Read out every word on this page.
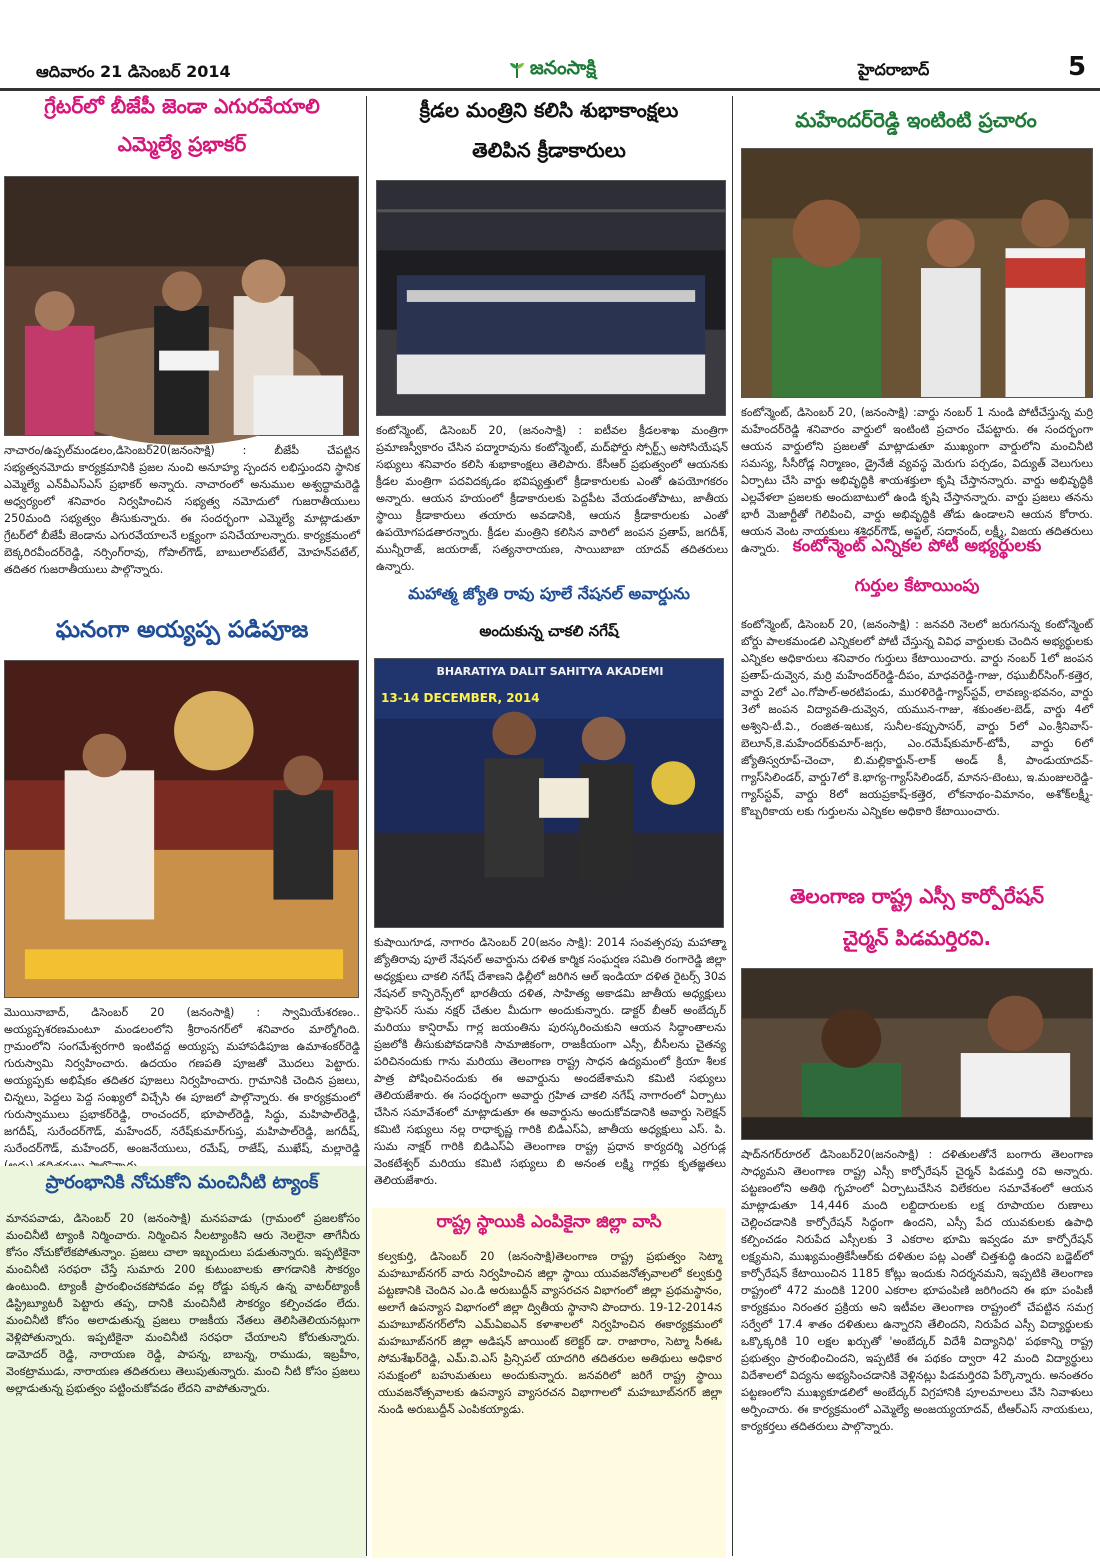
ఆదివారం 21 డిసెంబర్ 2014	జనంసాక్షి	హైదరాబాద్	5
గ్రేటర్‌లో బీజేపీ జెండా ఎగురవేయాలి
ఎమ్మెల్యే ప్రభాకర్
నాచారం/ఉప్పల్‌మండలం,డిసెంబర్20(జనంసాక్షి) : బీజేపీ చేపట్టిన సభ్యత్వనమోదు కార్యక్రమానికి ప్రజల నుంచి అనూహ్య స్పందన లభిస్తుందని స్థానిక ఎమ్మెల్యే ఎన్‌వీఎస్‌ఎస్ ప్రభాకర్ అన్నారు. నాచారంలో అనుముల అశ్వద్ధామరెడ్డి అధ్వర్యంలో శనివారం నిర్వహించిన సభ్యత్వ నమోదులో గుజరాతీయులు 250మంది సభ్యత్వం తీసుకున్నారు. ఈ సందర్భంగా ఎమ్మెల్యే మాట్లాడుతూ గ్రేటర్‌లో బీజేపీ జెండాను ఎగురవేయాలనే లక్ష్యంగా పనిచేయాలన్నారు. కార్యక్రమంలో బెక్కరిరవీందర్‌రెడ్డి, నర్సింగ్‌రావు, గోపాల్‌గౌడ్, బాబులాల్‌పటేల్, మోహన్‌పటేల్, తదితర గుజరాతీయులు పాల్గొన్నారు.
ఘనంగా అయ్యప్ప పడిపూజ
మొయినాబాద్, డిసెంబర్ 20 (జనంసాక్షి) : స్వామియేశరణం.. అయ్యప్పశరణమంటూ మండలంలోని శ్రీరాంనగర్‌లో శనివారం మార్మోగింది. గ్రామంలోని సంగమేశ్వరగారి ఇంటివద్ద అయ్యప్ప మహాపడిపూజ ఉమాశంకర్‌రెడ్డి గురుస్వామి నిర్వహించారు. ఉదయం గణపతి పూజతో మొదలు పెట్టారు. అయ్యప్పకు అభిషేకం తదితర పూజలు నిర్వహించారు. గ్రామానికి చెందిన ప్రజలు, చిన్నలు, పెద్దలు పెద్ద సంఖ్యలో విచ్చేసి ఈ పూజలో పాల్గొన్నారు. ఈ కార్యక్రమంలో గురుస్వాములు ప్రభాకర్‌రెడ్డి, రాంచందర్, భూపాల్‌రెడ్డి, సిద్ధు, మహిపాల్‌రెడ్డి, జగదీష్, సురేందర్‌గౌడ్, మహేందర్, నరేష్‌కుమార్‌గుప్త, మహిపాల్‌రెడ్డి, జగదీష్, సురేందర్‌గౌడ్, మహేందర్, అంజనేయులు, రమేష్, రాజేష్, ముఖేష్, మల్లారెడ్డి
ప్రారంభానికి నోచుకోని మంచినీటి ట్యాంక్
మానపవాడు, డిసెంబర్ 20 (జనంసాక్షి) మనపవాడు (గ్రామంలో ప్రజలకోసం మంచినీటి ట్యాంకి నిర్మించారు. నిర్మించిన నీలట్యాంకిని ఆరు నెలలైనా తాగేనీరు కోసం నోచుకోలేకపోతున్నాం. ప్రజలు చాలా ఇబ్బందులు పడుతున్నారు. ఇప్పటికైనా మంచినీటి సరఫరా చేస్తే సుమారు 200 కుటుంబాలకు తాగడానికి సౌకర్యం ఉంటుంది. ట్యాంకీ ప్రారంభించకపోవడం వల్ల రోడ్డు పక్కన ఉన్న వాటర్‌ట్యాంకీ డిస్ట్రిబ్యూటరీ పెట్టారు తప్ప, దానికి మంచినీటి సౌకర్యం కల్పించడం లేదు. మంచినీటి కోసం అలాడుతున్న ప్రజలు రాజకీయ నేతలు తెలిసితెలియనట్లుగా వెళ్లిపోతున్నారు. ఇప్పటికైనా మంచినీటి సరఫరా చేయాలని కోరుతున్నారు. డామోదర్ రెడ్డి, నారాయణ రెడ్డి, పాపన్న, బాబన్న, రాముడు, ఇబ్రహీం, వెంకట్రాముడు, నారాయణ తదితరులు తెలుపుతున్నారు. మంచి నీటి కోసం ప్రజలు అల్లాడుతున్న ప్రభుత్వం పట్టించుకోవడం లేదని వాపోతున్నారు.
క్రీడల మంత్రిని కలిసి శుభాకాంక్షలు
తెలిపిన క్రీడాకారులు
కంటోన్మెంట్, డిసెంబర్ 20, (జనంసాక్షి) : ఐటీవల క్రీడలశాఖ మంత్రిగా ప్రమాణస్వీకారం చేసిన పద్మారావును కంటోన్మెంట్, మద్‌ఫోర్డు స్పోర్ట్స్ అసోసియేషన్ సభ్యులు శనివారం కలిసి శుభాకాంక్షలు తెలిపారు. కేసీఆర్ ప్రభుత్వంలో ఆయనకు క్రీడల మంత్రిగా పదవిదక్కడం భవిష్యత్తులో క్రీడాకారులకు ఎంతో ఉపయోగకరం అన్నారు. ఆయన హయంలో క్రీడాకారులకు పెద్దపీట వేయడంతోపాటు, జాతీయ స్థాయి క్రీడాకారులు తయారు అవడానికి, ఆయన క్రీడాకారులకు ఎంతో ఉపయోగపడతారన్నారు. క్రీడల మంత్రిని కలిసిన వారిలో జంపన ప్రతాప్, జగదీశ్, మున్నీరాజ్, జయరాజ్, సత్యనారాయణ, సాయిబాబా యాదవ్ తదితరులు ఉన్నారు.
మహాత్మ జ్యోతి రావు పూలే నేషనల్ అవార్డును
అందుకున్న చాకలి నగేష్
BHARATIYA DALIT SAHITYA AKADEMI
13-14 DECEMBER, 2014
కుషాయిగూడ, నాగారం డిసెంబర్ 20(జనం సాక్షి): 2014 సంవత్సరపు మహాత్మా జ్యోతిరావు పూలే నేషనల్ అవార్డును దళిత కార్మిక సంఘర్షణ సమితి రంగారెడ్డి జిల్లా అధ్యక్షులు చాకలి నగేష్ దేశాణని ఢిల్లీలో జరిగిన ఆల్ ఇండియా దళిత రైటర్స్ 30వ నేషనల్ కాన్ఫిరెన్స్‌లో భారతీయ దళిత, సాహిత్య అకాడమి జాతీయ అధ్యక్షులు ప్రొఫెసర్ సుమ నక్షర్ చేతుల మీదుగా అందుకున్నారు. డాక్టర్ బీఆర్ అంబేద్కర్ మరియు కాన్షిరామ్ గార్ల జయంతిను పురస్కరించుకుని ఆయన సిద్ధాంతాలను ప్రజలోకి తీసుకుపోవడానికి సామాజికంగా, రాజకీయంగా ఎస్సీ, బీసీలను చైతన్య పరిచినందుకు గాను మరియు తెలంగాణ రాష్ట్ర సాధన ఉద్యమంలో క్రియా శీలక పాత్ర పోషించినందుకు ఈ అవార్డును అందజేశామని కమిటి సభ్యులు తెలియజేశారు. ఈ సంధర్భంగా అవార్డు గ్రహిత చాకలి నగేష్ నాగారంలో ఏర్పాటు చేసిన సమావేశంలో మాట్లాడుతూ ఈ అవార్డును అందుకోవడానికి అవార్డు సెలెక్షన్ కమిటి సభ్యులు నల్ల రాధాకృష్ణ గారికి బిడిఎస్ఏ, జాతీయ అధ్యక్షులు ఎస్. పి. సుమ నాక్షర్ గారికి బిడిఎస్ఏ తెలంగాణ రాష్ట్ర ప్రధాన కార్యదర్శి ఎర్రగుడ్ల వెంకటేశ్వర్ మరియు కమిటి సభ్యులు బి అనంత లక్ష్మి గార్లకు కృతజ్ఞతలు తెలియజేశారు.
రాష్ట్ర స్థాయికి ఎంపికైనా జిల్లా వాసి
కల్వకుర్తి, డిసెంబర్ 20 (జనంసాక్షి)తెలంగాణ రాష్ట్ర ప్రభుత్వం సెట్మా మహబూబ్‌నగర్ వారు నిర్వహించిన జిల్లా స్థాయి యువజనోత్సవాలలో కల్వకుర్తి పట్టణానికి చెందిన ఎం.డి అరుబుద్దీన్ వ్యాసరచన విభాగంలో జిల్లా ప్రథమస్థానం, అలాగే ఉపన్యాస విభాగంలో జిల్లా ద్వితీయ స్థానాని పొందారు. 19-12-2014న మహబూబ్‌నగర్‌లోని ఎమ్ఏఐఎన్ కళాశాలలో నిర్వహించిన ఈకార్యక్రమంలో మహబూబ్‌నగర్ జిల్లా అడిషన్ జాయింట్ కలెక్టర్ డా. రాజారాం, సెట్మా సీఈఓ సోమశేఖర్‌రెడ్డి, ఎమ్.వి.ఎస్ ప్రిన్సిపల్ యాదగిరి తదితరుల అతిథులు అధికార సమక్షంలో బహుమతులు అందుకున్నారు. జనవరిలో జరిగే రాష్ట్ర స్థాయి యువజనోత్సవాలకు ఉపన్యాస వ్యాసరచన విభాగాలలో మహబూబ్‌నగర్ జిల్లా నుండి అరుబుద్దీన్ ఎంపికయ్యాడు.
మహేందర్‌రెడ్డి ఇంటింటి ప్రచారం
కంటోన్మెంట్, డిసెంబర్ 20, (జనంసాక్షి) :వార్డు నంబర్ 1 నుండి పోటీచేస్తున్న మర్రి మహేందర్‌రెడ్డి శనివారం వార్డులో ఇంటింటి ప్రచారం చేపట్టారు. ఈ సందర్భంగా ఆయన వార్డులోని ప్రజలతో మాట్లాడుతూ ముఖ్యంగా వార్డులోని మంచినీటి సమస్య, సీసీరోడ్ల నిర్మాణం, డ్రైనేజీ వ్యవస్థ మెరుగు పర్చడం, విద్యుత్ వెలుగులు ఏర్పాటు చేసి వార్డు అభివృద్ధికి శాయశక్తులా కృషి చేస్తానన్నారు. వార్డు అభివృద్ధికి ఎల్లవేళలా ప్రజలకు అందుబాటులో ఉండి కృషి చేస్తానన్నారు. వార్డు ప్రజలు తనను భారీ మెజార్టీతో గెలిపించి, వార్డు అభివృద్ధికి తోడు ఉండాలని ఆయన కోరారు. ఆయన వెంట నాయకులు శశిధర్‌గౌడ్, అప్జల్, సదానంద్, లక్ష్మీ, విజయ తదితరులు ఉన్నారు. కంటోన్మెంట్ ఎన్నికల పోటీ అభ్యర్థులకు
గుర్తుల కేటాయింపు
కంటోన్మెంట్, డిసెంబర్ 20, (జనంసాక్షి) : జనవరి నెలలో జరుగనున్న కంటోన్మెంట్ బోర్డు పాలకమండలి ఎన్నికలలో పోటీ చేస్తున్న వివిధ వార్డులకు చెందిన అభ్యర్థులకు ఎన్నికల అధికారులు శనివారం గుర్తులు కేటాయించారు. వార్డు నంబర్ 1లో జంపన ప్రతాప్-దువ్వెన, మర్రి మహేందర్‌రెడ్డి-దీపం, మాధవరెడ్డి-గాజు, రఘుబీర్‌సింగ్-కత్తెర, వార్డు 2లో ఎం.గోపాల్-అరటిపండు, మురళిరెడ్డి-గ్యాస్‌స్టవ్, లావణ్య-భవనం, వార్డు 3లో జంపన విద్యావతి-దువ్వెన, యమున-గాజు, శకుంతల-బెడ్, వార్డు 4లో అశ్విని-టీ.వి., రంజిత-ఇటుక, సునీల-కప్పుసాసర్, వార్డు 5లో ఎం.శ్రీనివాస్-బెలూన్,కె.మహేందర్‌కుమార్-జగ్గు, ఎం.రమేష్‌కుమార్-టోపీ, వార్డు 6లో జ్యోతిస్వరూప్-చెంచా, బి.మల్లికార్జున్-లాక్ అండ్ కీ, పాండుయాదవ్-గ్యాస్‌సిలిండర్, వార్డు7లో కె.భాగ్య-గ్యాస్‌సిలిండర్, మానస-టెంటు, ఇ.మంజులరెడ్డి-గ్యాస్‌స్టవ్, వార్డు 8లో జయప్రకాష్-కత్తెర, లోకనాథం-విమానం, అశోక్‌లక్ష్మీ-కొబ్బరికాయ లకు గుర్తులను ఎన్నికల అధికారి కేటాయించారు.
తెలంగాణ రాష్ట్ర ఎస్సీ కార్పోరేషన్
చైర్మన్ పిడమర్తిరవి.
షాద్‌నగర్‌రూరల్ డిసెంబర్20(జనంసాక్షి) : దళితులతోనే బంగారు తెలంగాణ సాధ్యమని తెలంగాణ రాష్ట్ర ఎస్సీ కార్పోరేషన్ చైర్మన్ పిడమర్తి రవి అన్నారు. పట్టణంలోని అతిథి గృహంలో ఏర్పాటుచేసిన విలేకరుల సమావేశంలో ఆయన మాట్లాడుతూ 14,446 మంది లబ్దిదారులకు లక్ష రూపాయల రుణాలు చెల్లించడానికి కార్పోరేషన్ సిద్ధంగా ఉందని, ఎస్సీ పేద యువకులకు ఉపాధి కల్పించడం నిరుపేద ఎస్సీలకు 3 ఎకరాల భూమి ఇవ్వడం మా కార్పోరేషన్ లక్ష్యమని, ముఖ్యమంత్రికేసీఆర్‌కు దళితుల పట్ల ఎంతో చిత్తశుద్ధి ఉందని బడ్జెట్‌లో కార్పోరేషన్ కేటాయించిన 1185 కోట్లు ఇందుకు నిదర్శనమని, ఇప్పటికి తెలంగాణ రాష్ట్రంలో 472 మందికి 1200 ఎకరాల భూపంపిణి జరిగిందని ఈ భూ పంపిణీ కార్యక్రమం నిరంతర ప్రక్రియ అని ఇటీవల తెలంగాణ రాష్ట్రంలో చేపట్టిన సమగ్ర సర్వేలో 17.4 శాతం దళితులు ఉన్నారని తేలిందని, నిరుపేద ఎస్సీ విద్యార్థులకు ఒక్కొక్కరికి 10 లక్షల ఖర్చుతో 'అంబేద్కర్ విదేశీ విద్యానిధి' పథకాన్ని రాష్ట్ర ప్రభుత్వం ప్రారంభించిందని, ఇప్పటికే ఈ పథకం ద్వారా 42 మంది విద్యార్థులు విదేశాలలో విద్యను అభ్యసించడానికి వెళ్లినట్లు పిడమర్తిరవి పేర్కొన్నారు. అనంతరం పట్టణంలోని ముఖ్యకూడలిలో అంబేద్కర్ విగ్రహానికి పూలమాలలు వేసి నివాళులు అర్పించారు. ఈ కార్యక్రమంలో ఎమ్మెల్యే అంజయ్యయాదవ్, టీఆర్ఎస్ నాయకులు, కార్యకర్తలు తదితరులు పాల్గొన్నారు.
